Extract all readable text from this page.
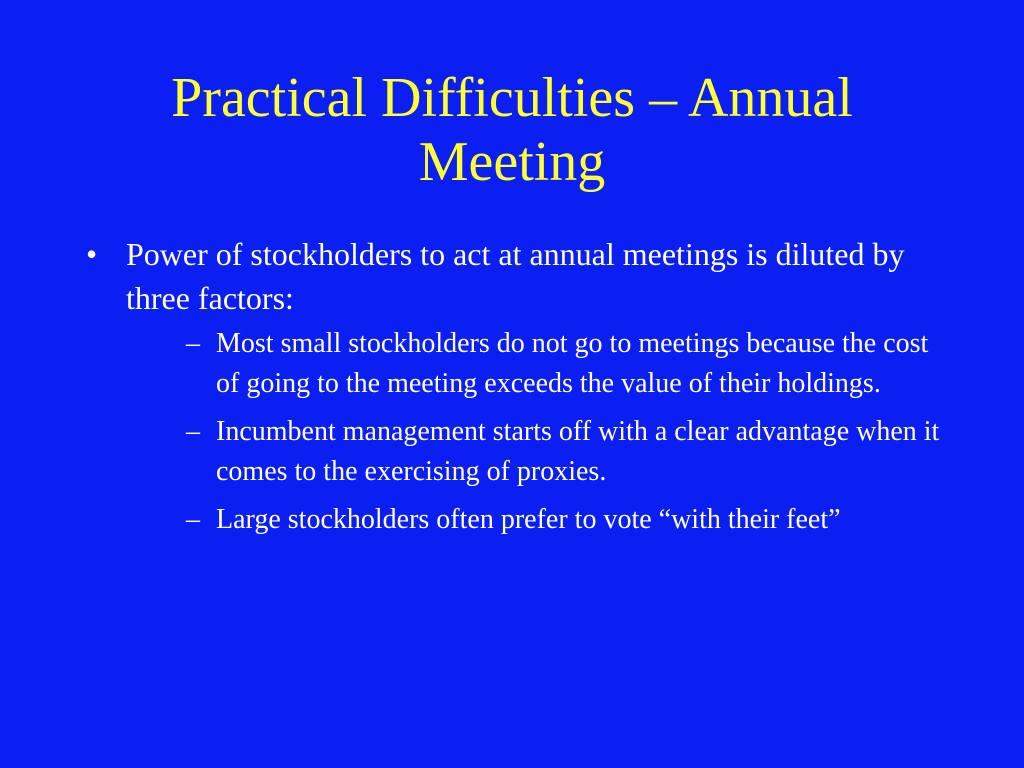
Practical Difficulties – Annual Meeting
• Power of stockholders to act at annual meetings is diluted by three factors:
– Most small stockholders do not go to meetings because the cost of going to the meeting exceeds the value of their holdings.
– Incumbent management starts off with a clear advantage when it comes to the exercising of proxies.
– Large stockholders often prefer to vote “with their feet”
